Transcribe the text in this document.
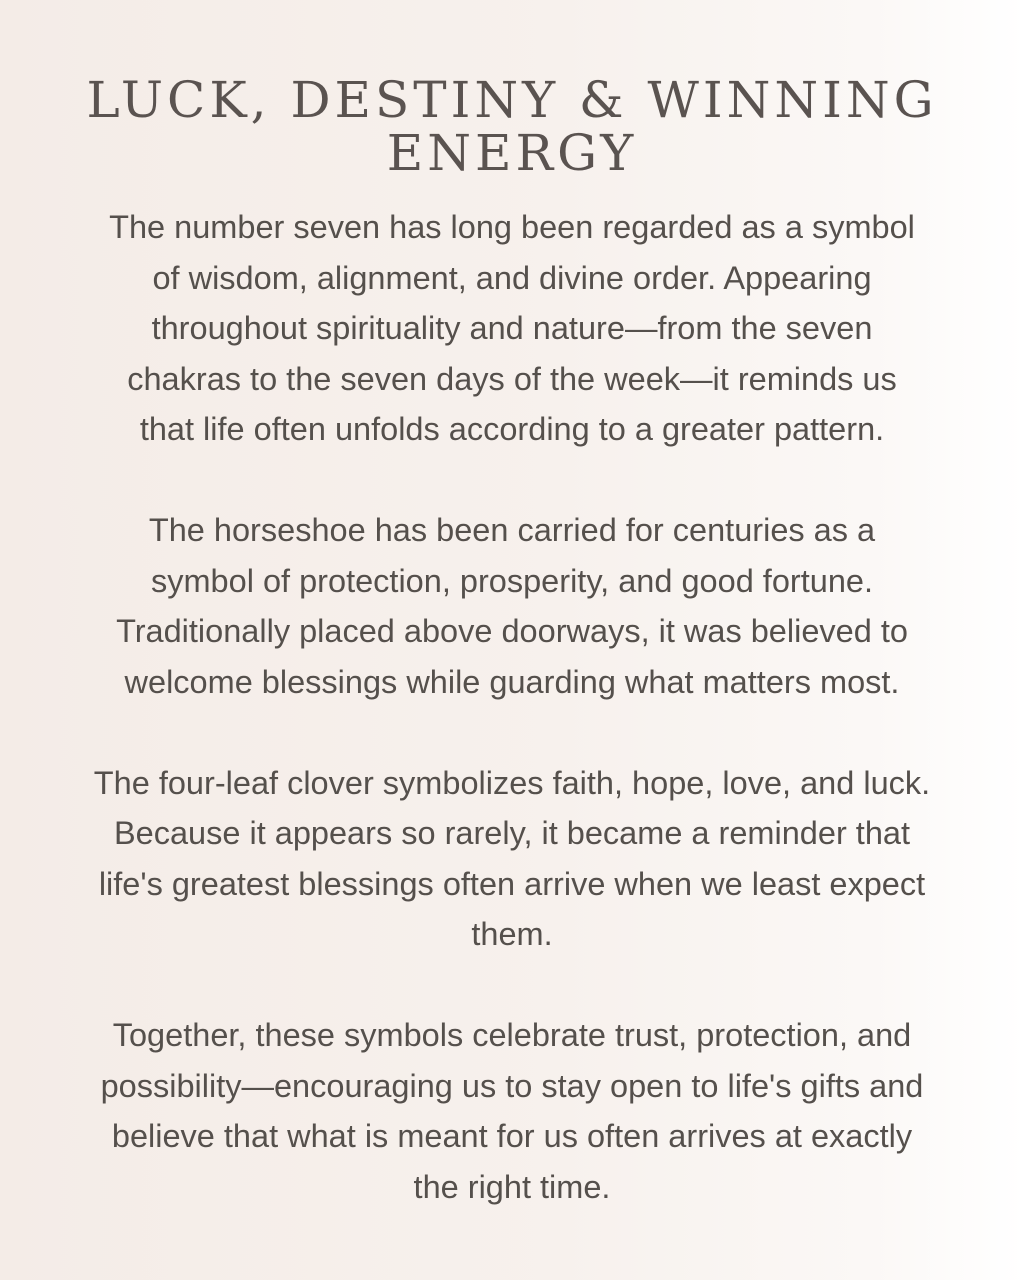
LUCK, DESTINY & WINNING
ENERGY

The number seven has long been regarded as a symbol
of wisdom, alignment, and divine order. Appearing
throughout spirituality and nature—from the seven
chakras to the seven days of the week—it reminds us
that life often unfolds according to a greater pattern.

The horseshoe has been carried for centuries as a
symbol of protection, prosperity, and good fortune.
Traditionally placed above doorways, it was believed to
welcome blessings while guarding what matters most.

The four-leaf clover symbolizes faith, hope, love, and luck.
Because it appears so rarely, it became a reminder that
life's greatest blessings often arrive when we least expect
them.

Together, these symbols celebrate trust, protection, and
possibility—encouraging us to stay open to life's gifts and
believe that what is meant for us often arrives at exactly
the right time.
